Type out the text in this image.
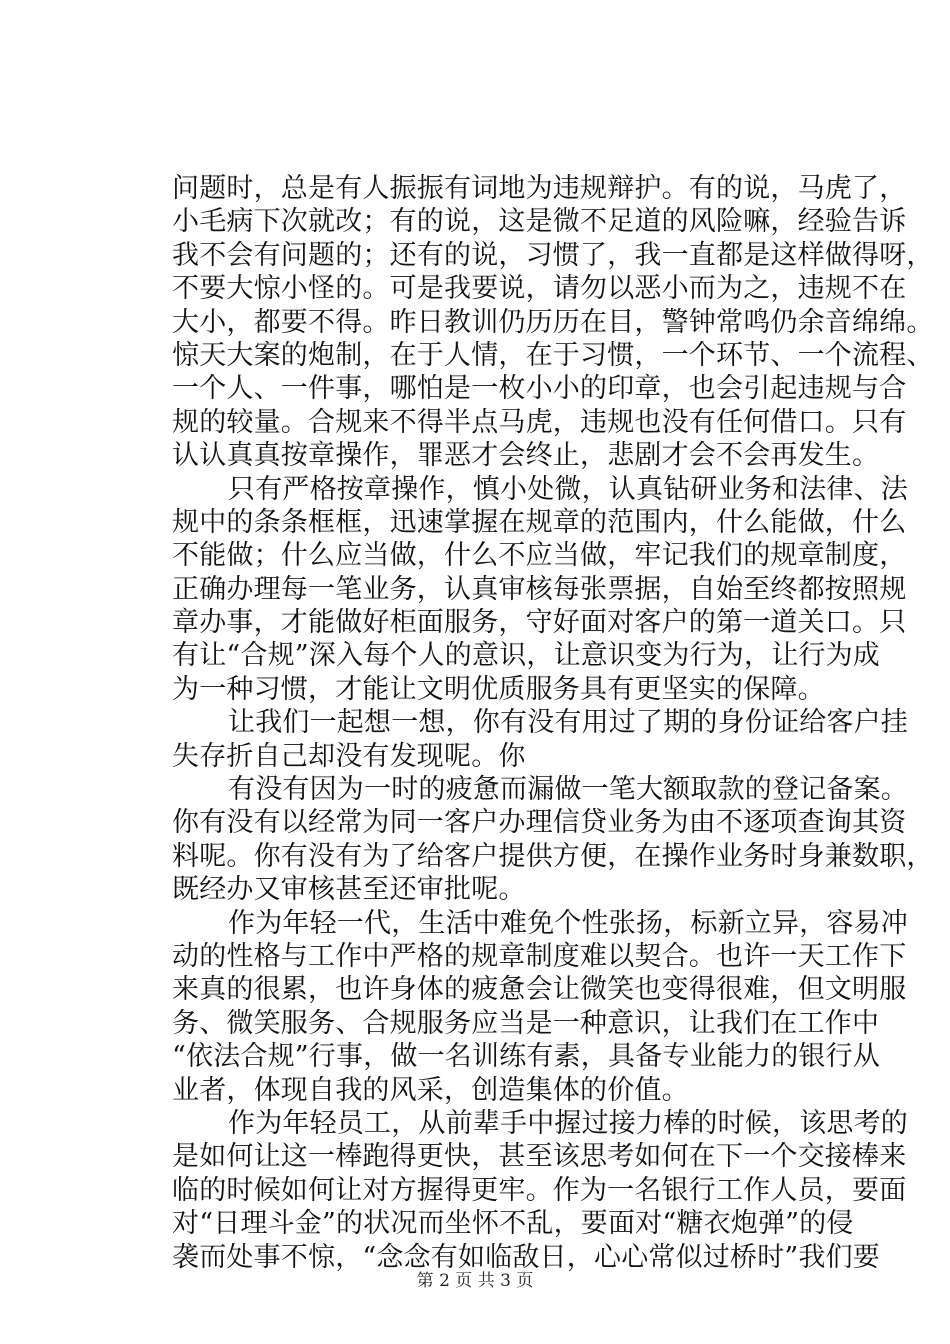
问题时，总是有人振振有词地为违规辩护。有的说，马虎了，
小毛病下次就改；有的说，这是微不足道的风险嘛，经验告诉
我不会有问题的；还有的说，习惯了，我一直都是这样做得呀，
不要大惊小怪的。可是我要说，请勿以恶小而为之，违规不在
大小，都要不得。昨日教训仍历历在目，警钟常鸣仍余音绵绵。
惊天大案的炮制，在于人情，在于习惯，一个环节、一个流程、
一个人、一件事，哪怕是一枚小小的印章，也会引起违规与合
规的较量。合规来不得半点马虎，违规也没有任何借口。只有
认认真真按章操作，罪恶才会终止，悲剧才会不会再发生。
只有严格按章操作，慎小处微，认真钻研业务和法律、法
规中的条条框框，迅速掌握在规章的范围内，什么能做，什么
不能做；什么应当做，什么不应当做，牢记我们的规章制度，
正确办理每一笔业务，认真审核每张票据，自始至终都按照规
章办事，才能做好柜面服务，守好面对客户的第一道关口。只
有让“合规”深入每个人的意识，让意识变为行为，让行为成
为一种习惯，才能让文明优质服务具有更坚实的保障。
让我们一起想一想，你有没有用过了期的身份证给客户挂
失存折自己却没有发现呢。你
有没有因为一时的疲惫而漏做一笔大额取款的登记备案。
你有没有以经常为同一客户办理信贷业务为由不逐项查询其资
料呢。你有没有为了给客户提供方便，在操作业务时身兼数职，
既经办又审核甚至还审批呢。
作为年轻一代，生活中难免个性张扬，标新立异，容易冲
动的性格与工作中严格的规章制度难以契合。也许一天工作下
来真的很累，也许身体的疲惫会让微笑也变得很难，但文明服
务、微笑服务、合规服务应当是一种意识，让我们在工作中
“依法合规”行事，做一名训练有素，具备专业能力的银行从
业者，体现自我的风采，创造集体的价值。
作为年轻员工，从前辈手中握过接力棒的时候，该思考的
是如何让这一棒跑得更快，甚至该思考如何在下一个交接棒来
临的时候如何让对方握得更牢。作为一名银行工作人员，要面
对“日理斗金”的状况而坐怀不乱，要面对“糖衣炮弹”的侵
袭而处事不惊，“念念有如临敌日，心心常似过桥时”我们要
第 2 页 共 3 页
